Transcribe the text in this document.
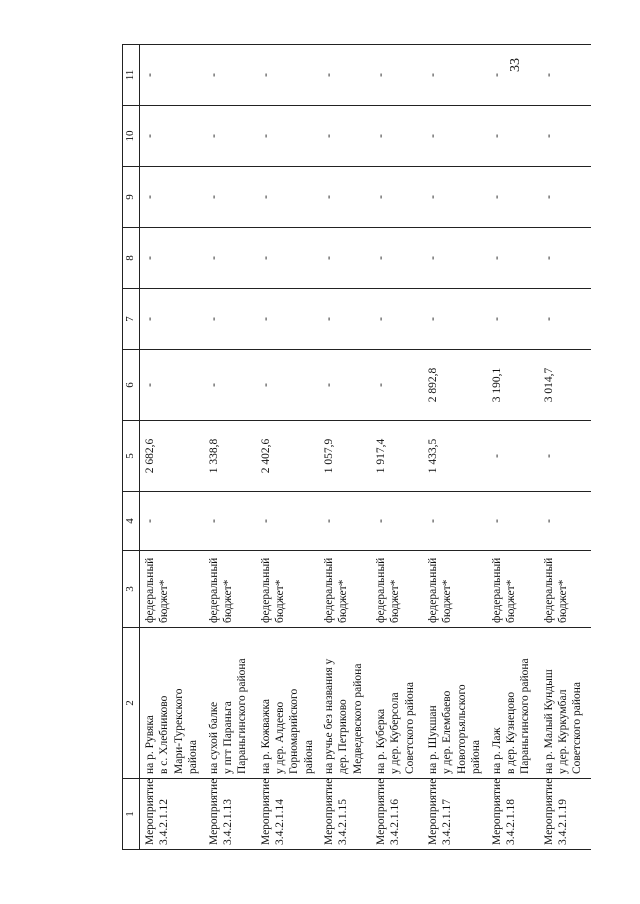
33
1	2	3	4	5	6	7	8	9	10	11
Мероприятие
3.4.2.1.12	на р. Рувяка
в с. Хлебниково
Мари-Турекского
района	федеральный
бюджет*	-	2 682,6	-	-	-	-	-	-
Мероприятие
3.4.2.1.13	на сухой балке
у пгт Параньга
Параньгинского района	федеральный
бюджет*	-	1 338,8	-	-	-	-	-	-
Мероприятие
3.4.2.1.14	на р. Кожважка
у дер. Алдеево
Горномарийского
района	федеральный
бюджет*	-	2 402,6	-	-	-	-	-	-
Мероприятие
3.4.2.1.15	на ручье без названия у
дер. Петриково
Медведевского района	федеральный
бюджет*	-	1 057,9	-	-	-	-	-	-
Мероприятие
3.4.2.1.16	на р. Куберка
у дер. Куберсола
Советского района	федеральный
бюджет*	-	1 917,4	-	-	-	-	-	-
Мероприятие
3.4.2.1.17	на р. Шукшан
у дер. Елембаево
Новоторъяльского
района	федеральный
бюджет*	-	1 433,5	2 892,8	-	-	-	-	-
Мероприятие
3.4.2.1.18	на р. Лаж
в дер. Кузнецово
Параньгинского района	федеральный
бюджет*	-	-	3 190,1	-	-	-	-	-
Мероприятие
3.4.2.1.19	на р. Малый Кундыш
у дер. Куркумбал
Советского района	федеральный
бюджет*	-	-	3 014,7	-	-	-	-	-
